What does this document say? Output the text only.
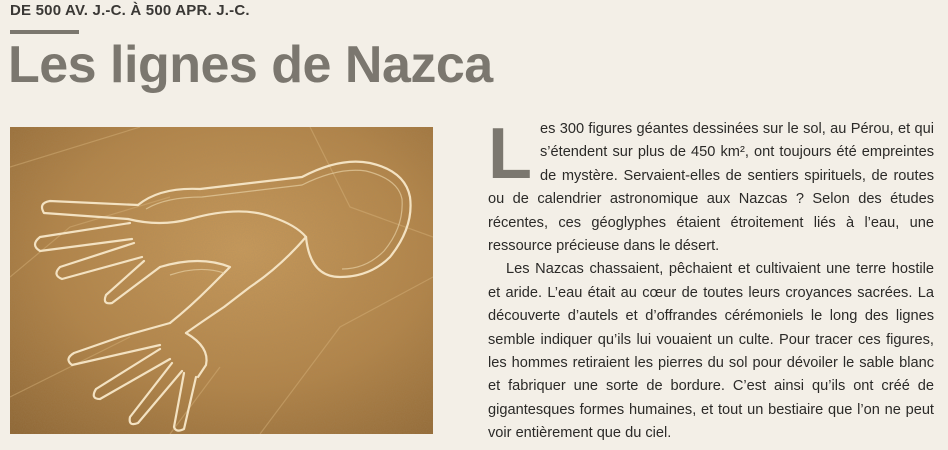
DE 500 AV. J.-C. À 500 APR. J.-C.
Les lignes de Nazca
L es 300 figures géantes dessinées sur le sol, au Pérou, et qui s’étendent sur plus de 450 km², ont toujours été empreintes de mystère. Servaient-elles de sentiers spirituels, de routes ou de calendrier astronomique aux Nazcas ? Selon des études récentes, ces géoglyphes étaient étroitement liés à l’eau, une ressource précieuse dans le désert.

Les Nazcas chassaient, pêchaient et cultivaient une terre hostile et aride. L’eau était au cœur de toutes leurs croyances sacrées. La découverte d’autels et d’offrandes cérémoniels le long des lignes semble indiquer qu’ils lui vouaient un culte. Pour tracer ces figures, les hommes retiraient les pierres du sol pour dévoiler le sable blanc et fabriquer une sorte de bordure. C’est ainsi qu’ils ont créé de gigantesques formes humaines, et tout un bestiaire que l’on ne peut voir entièrement que du ciel.
